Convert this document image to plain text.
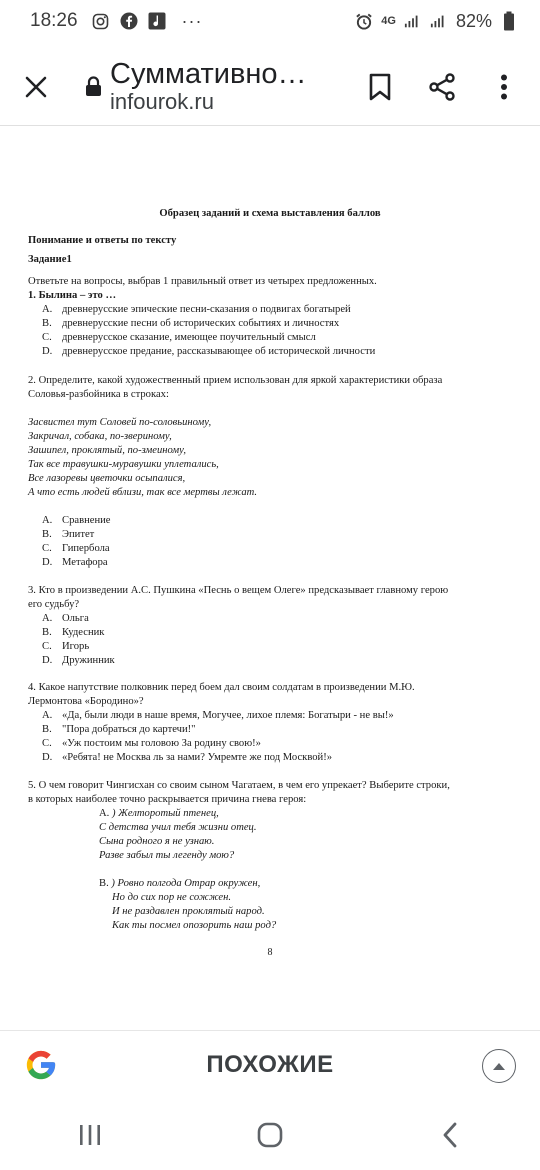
18:26	···	4G	82%
Суммативно…
infourok.ru
Образец заданий и схема выставления баллов
Понимание и ответы по тексту
Задание1
Ответьте на вопросы, выбрав 1 правильный ответ из четырех предложенных.
1. Былина – это …
A. древнерусские эпические песни-сказания о подвигах богатырей
B. древнерусские песни об исторических событиях и личностях
C. древнерусское сказание, имеющее поучительный смысл
D. древнерусское предание, рассказывающее об исторической личности
2. Определите, какой художественный прием использован для яркой характеристики образа
Соловья-разбойника в строках:
Засвистел тут Соловей по-соловьиному,
Закричал, собака, по-звериному,
Зашипел, проклятый, по-змеиному,
Так все травушки-муравушки уплетались,
Все лазоревы цветочки осыпалися,
А что есть людей вблизи, так все мертвы лежат.
A. Сравнение
B. Эпитет
C. Гипербола
D. Метафора
3. Кто в произведении А.С. Пушкина «Песнь о вещем Олеге» предсказывает главному герою
его судьбу?
A. Ольга
B. Кудесник
C. Игорь
D. Дружинник
4. Какое напутствие полковник перед боем дал своим солдатам в произведении М.Ю.
Лермонтова «Бородино»?
A. «Да, были люди в наше время, Могучее, лихое племя: Богатыри - не вы!»
B. "Пора добраться до картечи!"
C. «Уж постоим мы головою За родину свою!»
D. «Ребята! не Москва ль за нами? Умремте же под Москвой!»
5. О чем говорит Чингисхан со своим сыном Чагатаем, в чем его упрекает? Выберите строки,
в которых наиболее точно раскрывается причина гнева героя:
А. ) Желторотый птенец,
С детства учил тебя жизни отец.
Сына родного я не узнаю.
Разве забыл ты легенду мою?
В. ) Ровно полгода Отрар окружен,
Но до сих пор не сожжен.
И не раздавлен проклятый народ.
Как ты посмел опозорить наш род?
8
ПОХОЖИЕ
